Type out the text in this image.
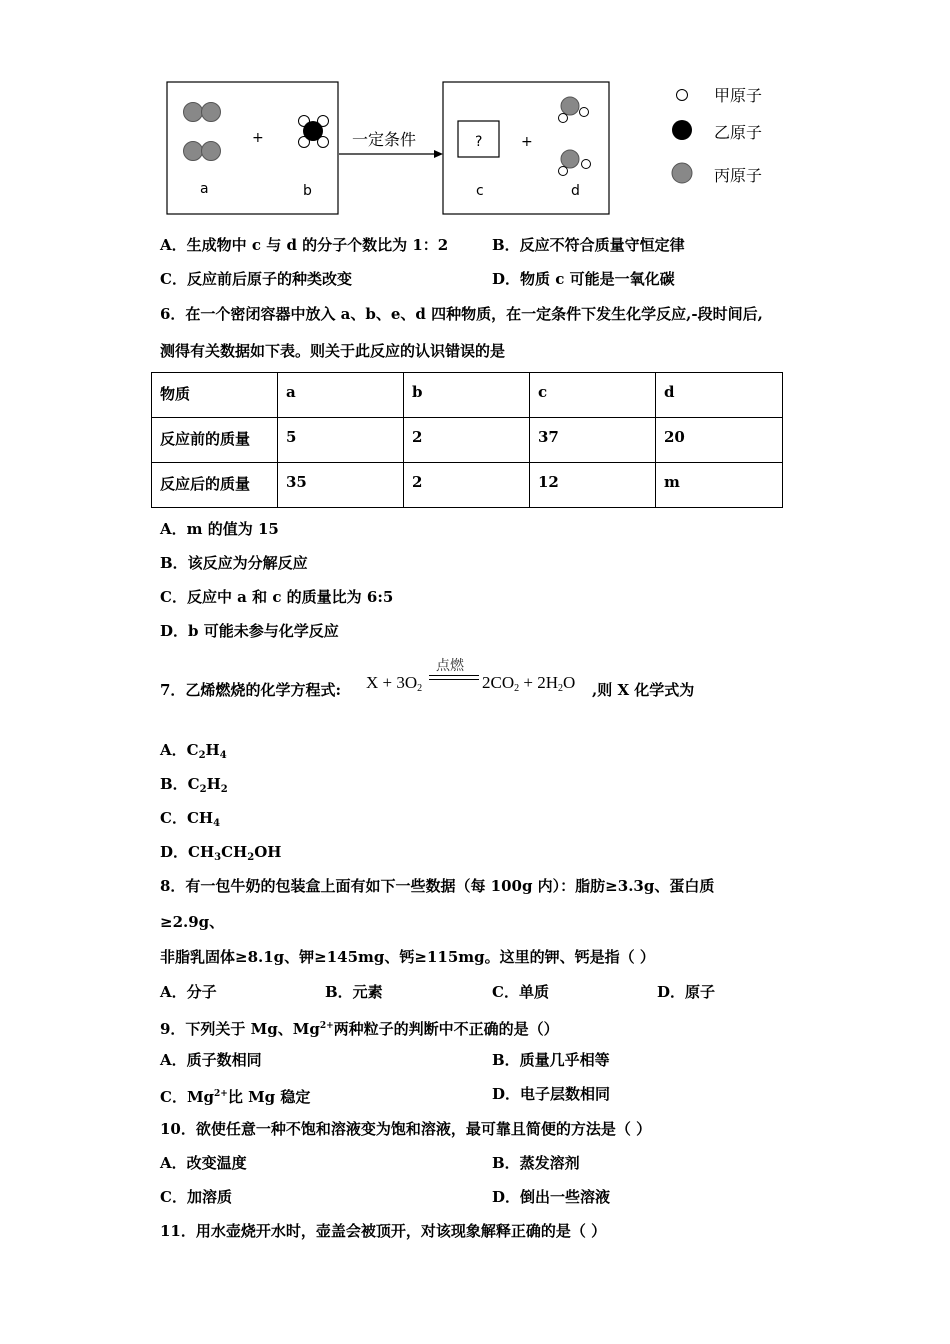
+
a	b
一定条件	?	+
c	d
甲原子
乙原子
丙原子
A．生成物中 c 与 d 的分子个数比为 1：2	B．反应不符合质量守恒定律
C．反应前后原子的种类改变	D．物质 c 可能是一氧化碳
6．在一个密闭容器中放入 a、b、e、d 四种物质，在一定条件下发生化学反应,-段时间后,
测得有关数据如下表。则关于此反应的认识错误的是
物质	a	b	c	d
反应前的质量	5	2	37	20
反应后的质量	35	2	12	m
A．m 的值为 15
B．该反应为分解反应
C．反应中 a 和 c 的质量比为 6:5
D．b 可能未参与化学反应
7．乙烯燃烧的化学方程式:
点燃
$X + 3O_2$	$2CO_2 + 2H_2O$ ,则 X 化学式为
A．$C_2H_4$
B．$C_2H_2$
C．$CH_4$
D．$CH_3CH_2OH$
8．有一包牛奶的包装盒上面有如下一些数据（每 100g 内）：脂肪≥3.3g、蛋白质
≥2.9g、
非脂乳固体≥8.1g、钾≥145mg、钙≥115mg。这里的钾、钙是指（ ）
A．分子	B．元素	C．单质	D．原子
9．下列关于 Mg、$Mg^{2+}$两种粒子的判断中不正确的是（）
A．质子数相同	B．质量几乎相等
C．$Mg^{2+}$比 Mg 稳定	D．电子层数相同
10．欲使任意一种不饱和溶液变为饱和溶液，最可靠且简便的方法是（ ）
A．改变温度	B．蒸发溶剂
C．加溶质	D．倒出一些溶液
11．用水壶烧开水时，壶盖会被顶开，对该现象解释正确的是（ ）
